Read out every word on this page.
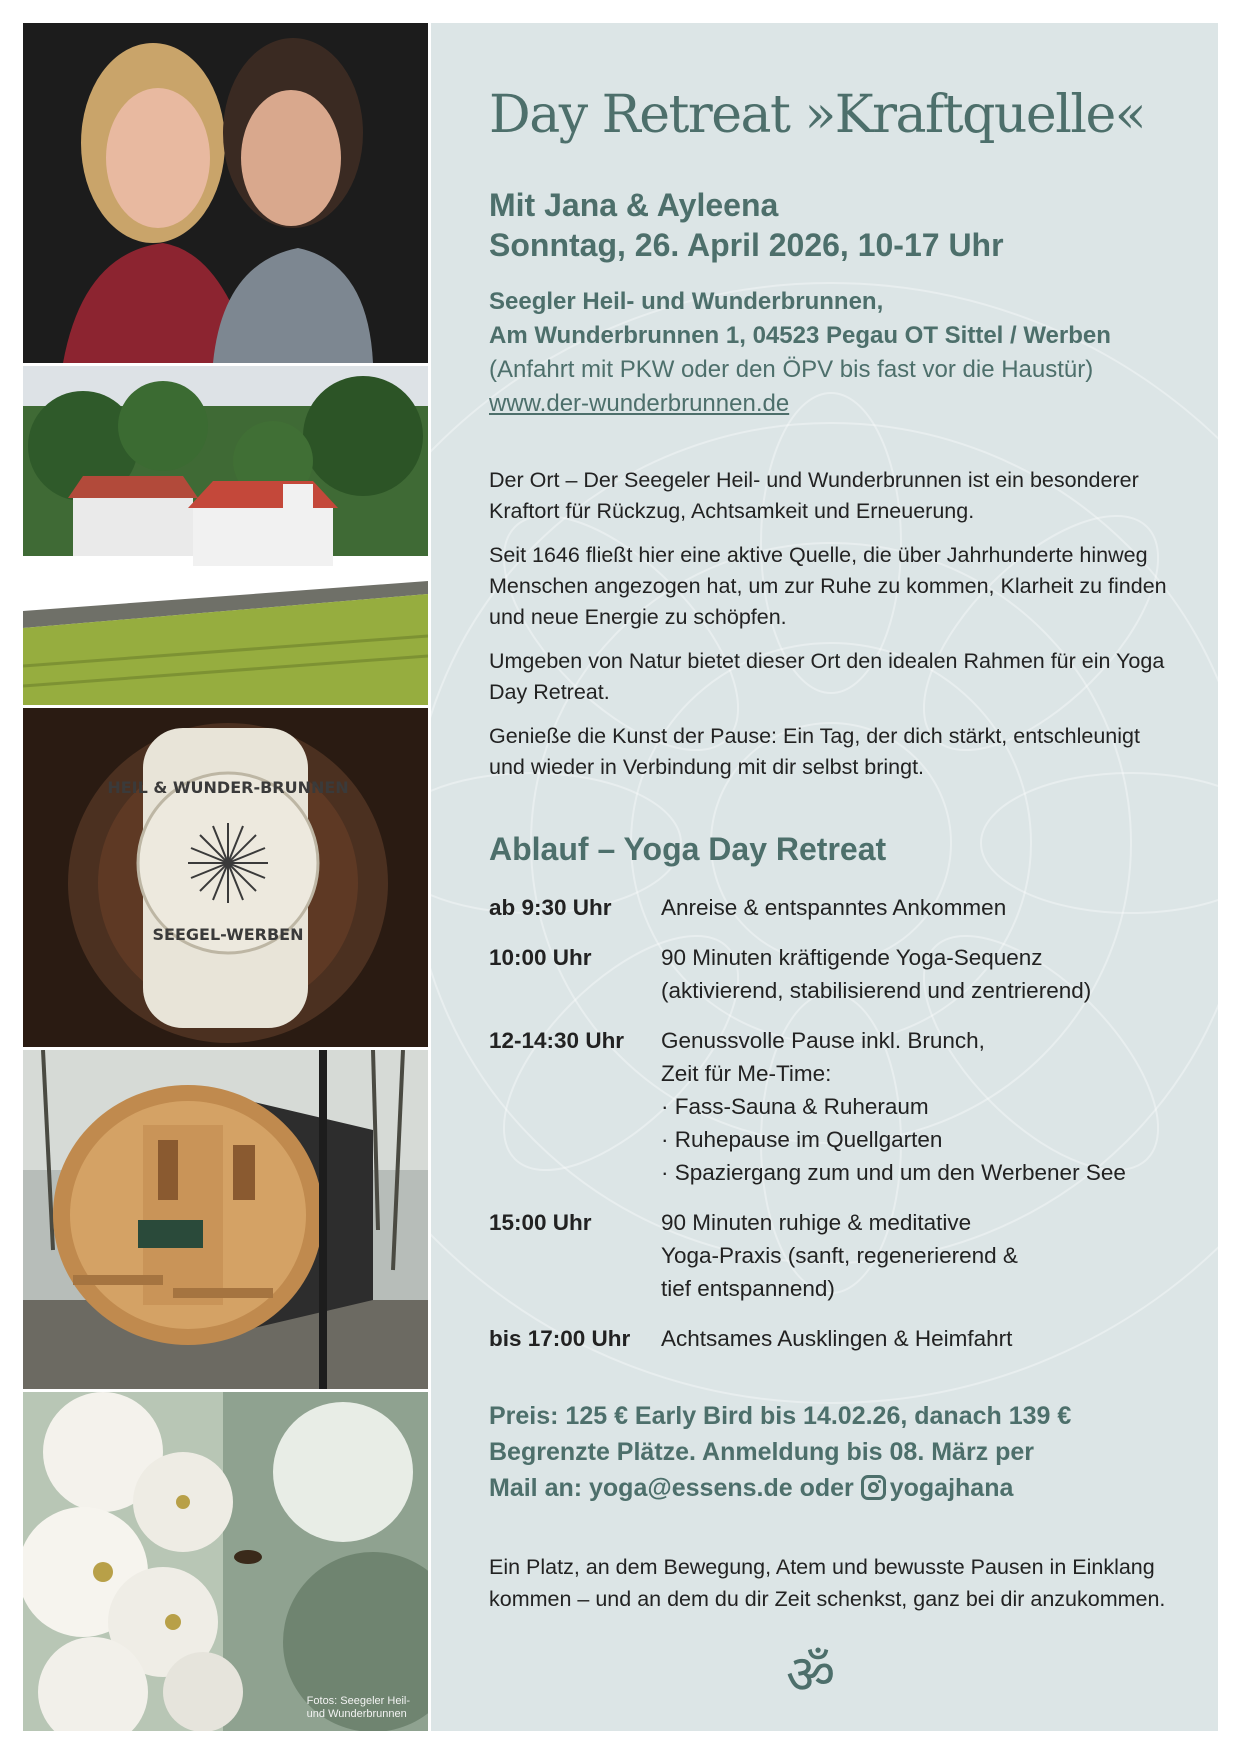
HEIL & WUNDER-BRUNNEN
SEEGEL-WERBEN
Fotos: Seegeler Heil-
und Wunderbrunnen
Day Retreat »Kraftquelle«
Mit Jana & Ayleena
Sonntag, 26. April 2026, 10-17 Uhr
Seegler Heil- und Wunderbrunnen,
Am Wunderbrunnen 1, 04523 Pegau OT Sittel / Werben
(Anfahrt mit PKW oder den ÖPV bis fast vor die Haustür)
www.der-wunderbrunnen.de

Der Ort – Der Seegeler Heil- und Wunderbrunnen ist ein besonderer Kraftort für Rückzug, Achtsamkeit und Erneuerung.

Seit 1646 fließt hier eine aktive Quelle, die über Jahrhunderte hinweg Menschen angezogen hat, um zur Ruhe zu kommen, Klarheit zu finden und neue Energie zu schöpfen.

Umgeben von Natur bietet dieser Ort den idealen Rahmen für ein Yoga Day Retreat.

Genieße die Kunst der Pause: Ein Tag, der dich stärkt, entschleunigt und wieder in Verbindung mit dir selbst bringt.

Ablauf – Yoga Day Retreat
ab 9:30 Uhr	Anreise & entspanntes Ankommen
10:00 Uhr	90 Minuten kräftigende Yoga-Sequenz
(aktivierend, stabilisierend und zentrierend)
12-14:30 Uhr	Genussvolle Pause inkl. Brunch,
Zeit für Me-Time:
· Fass-Sauna & Ruheraum
· Ruhepause im Quellgarten
· Spaziergang zum und um den Werbener See
15:00 Uhr	90 Minuten ruhige & meditative
Yoga-Praxis (sanft, regenerierend &
tief entspannend)
bis 17:00 Uhr	Achtsames Ausklingen & Heimfahrt
Preis: 125 € Early Bird bis 14.02.26, danach 139 €
Begrenzte Plätze. Anmeldung bis 08. März per
Mail an: yoga@essens.de oder yogajhana
Ein Platz, an dem Bewegung, Atem und bewusste Pausen in Einklang kommen – und an dem du dir Zeit schenkst, ganz bei dir anzukommen.
ॐ
